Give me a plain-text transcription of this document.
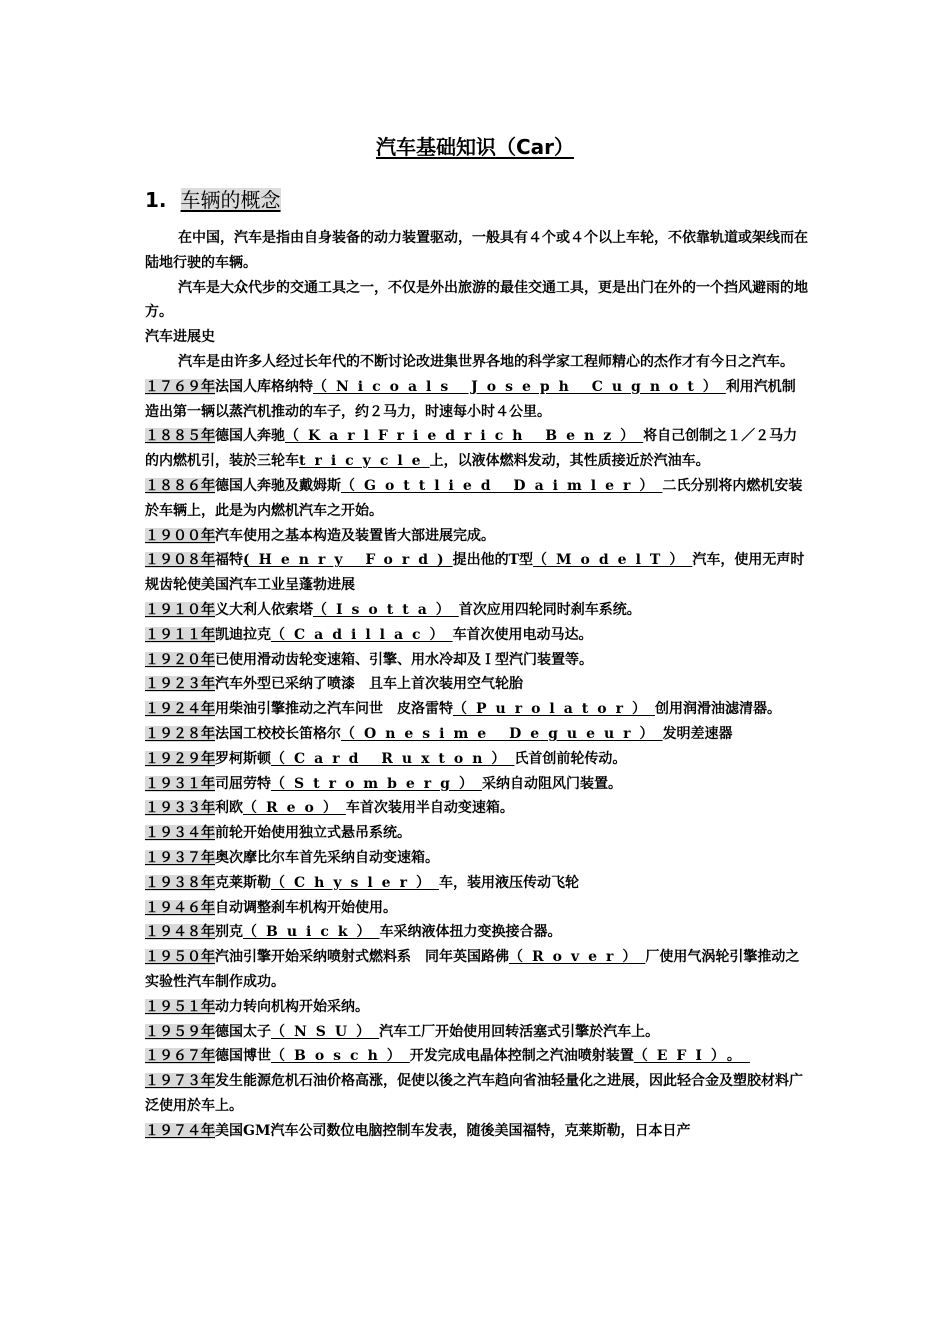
汽车基础知识（Car）
1. 车辆的概念

在中国，汽车是指由自身装备的动力装置驱动，一般具有４个或４个以上车轮，不依靠轨道或架线而在陆地行驶的车辆。

汽车是大众代步的交通工具之一，不仅是外出旅游的最佳交通工具，更是出门在外的一个挡风避雨的地方。

汽车进展史

汽车是由许多人经过长年代的不断讨论改进集世界各地的科学家工程师精心的杰作才有今日之汽车。

１７６９年法国人库格纳特（Nicoals Joseph Cugnot）利用汽机制造出第一辆以蒸汽机推动的车子，约２马力，时速每小时４公里。

１８８５年德国人奔驰（KarlFriedrich Benz）将自己创制之１／２马力的内燃机引，装於三轮车tricycle上，以液体燃料发动，其性质接近於汽油车。

１８８６年德国人奔驰及戴姆斯（Gottlied Daimler）二氏分别将内燃机安装於车辆上，此是为内燃机汽车之开始。

１９００年汽车使用之基本构造及装置皆大部进展完成。

１９０８年福特(Henry Ford)提出他的T型（ModelT）汽车，使用无声时规齿轮使美国汽车工业呈蓬勃进展

１９１０年义大利人依索塔（Isotta）首次应用四轮同时刹车系统。

１９１１年凯迪拉克（Cadillac）车首次使用电动马达。

１９２０年已使用滑动齿轮变速箱、引擎、用水冷却及Ｉ型汽门装置等。

１９２３年汽车外型已采纳了喷漆　且车上首次装用空气轮胎

１９２４年用柴油引擎推动之汽车问世　皮洛雷特（Purolator）创用润滑油滤清器。

１９２８年法国工校校长笛格尔（Onesime Degueur）发明差速器

１９２９年罗柯斯顿（Card Ruxton）氏首创前轮传动。

１９３１年司屈劳特（Stromberg）采纳自动阻风门装置。

１９３３年利欧（Reo）车首次装用半自动变速箱。

１９３４年前轮开始使用独立式悬吊系统。

１９３７年奥次摩比尔车首先采纳自动变速箱。

１９３８年克莱斯勒（Chysler）车，装用液压传动飞轮

１９４６年自动调整刹车机构开始使用。

１９４８年别克（Buick）车采纳液体扭力变换接合器。

１９５０年汽油引擎开始采纳喷射式燃料系　同年英国路佛（Rover）厂使用气涡轮引擎推动之实验性汽车制作成功。

１９５１年动力转向机构开始采纳。

１９５９年德国太子（NSU）汽车工厂开始使用回转活塞式引擎於汽车上。

１９６７年德国博世（Bosch）开发完成电晶体控制之汽油喷射装置（EFI）。

１９７３年发生能源危机石油价格高涨，促使以後之汽车趋向省油轻量化之进展，因此轻合金及塑胶材料广泛使用於车上。

１９７４年美国GM汽车公司数位电脑控制车发表，随後美国福特，克莱斯勒，日本日产
